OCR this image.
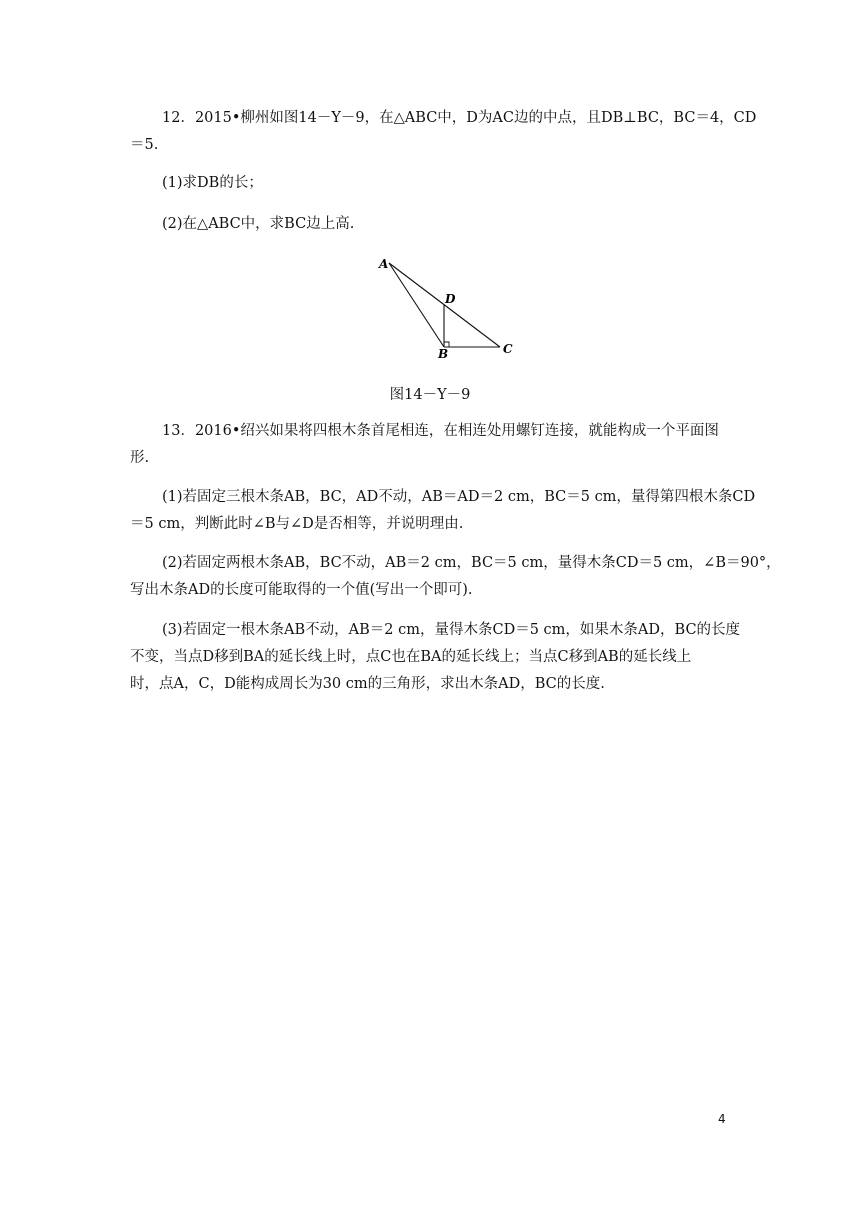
12．2015•柳州如图14－Y－9，在△ABC中，D为AC边的中点，且DB⊥BC，BC＝4，CD
＝5.
(1)求DB的长；
(2)在△ABC中，求BC边上高.
A
D
B	C
图14－Y－9
13．2016•绍兴如果将四根木条首尾相连，在相连处用螺钉连接，就能构成一个平面图
形.
(1)若固定三根木条AB，BC，AD不动，AB＝AD＝2 cm，BC＝5 cm，量得第四根木条CD
＝5 cm，判断此时∠B与∠D是否相等，并说明理由.
(2)若固定两根木条AB，BC不动，AB＝2 cm，BC＝5 cm，量得木条CD＝5 cm，∠B＝90°，
写出木条AD的长度可能取得的一个值(写出一个即可).
(3)若固定一根木条AB不动，AB＝2 cm，量得木条CD＝5 cm，如果木条AD，BC的长度
不变，当点D移到BA的延长线上时，点C也在BA的延长线上；当点C移到AB的延长线上
时，点A，C，D能构成周长为30 cm的三角形，求出木条AD，BC的长度.
4
